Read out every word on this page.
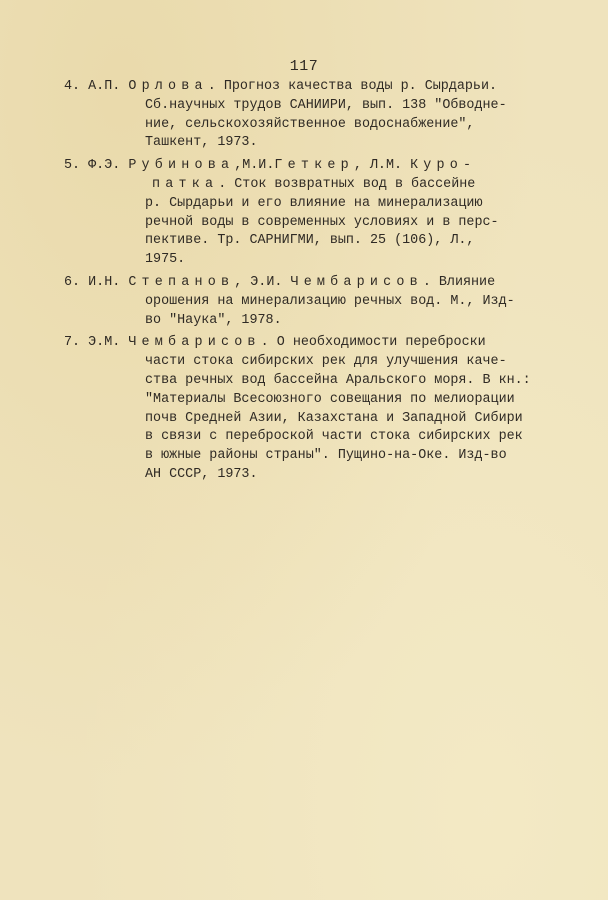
117
4. А.П. Орлова. Прогноз качества воды р. Сырдарьи.
Сб.научных трудов САНИИРИ, вып. 138 "Обводне-
ние, сельскохозяйственное водоснабжение",
Ташкент, 1973.
5. Ф.Э. Рубинова,М.И.Геткер, Л.М. Куро-
патка. Сток возвратных вод в бассейне
р. Сырдарьи и его влияние на минерализацию
речной воды в современных условиях и в перс-
пективе. Тр. САРНИГМИ, вып. 25 (106), Л.,
1975.
6. И.Н. Степанов, Э.И. Чембарисов. Влияние
орошения на минерализацию речных вод. М., Изд-
во "Наука", 1978.
7. Э.М. Чембарисов. О необходимости переброски
части стока сибирских рек для улучшения каче-
ства речных вод бассейна Аральского моря. В кн.:
"Материалы Всесоюзного совещания по мелиорации
почв Средней Азии, Казахстана и Западной Сибири
в связи с переброской части стока сибирских рек
в южные районы страны". Пущино-на-Оке. Изд-во
АН СССР, 1973.
